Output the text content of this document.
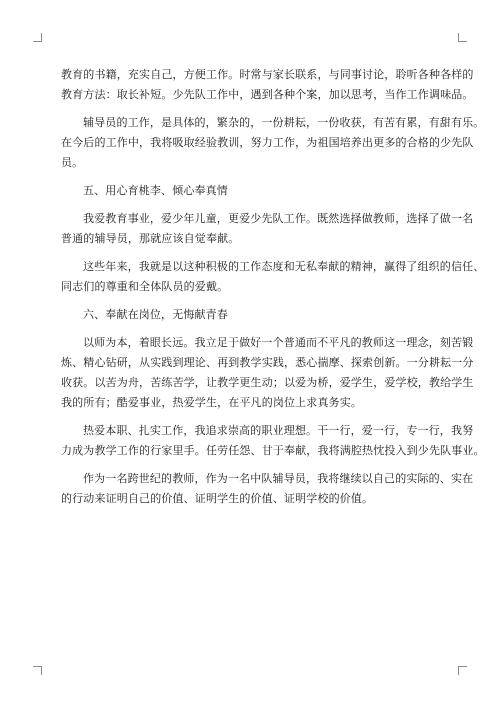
教育的书籍，充实自己，方便工作。时常与家长联系，与同事讨论，聆听各种各样的
教育方法：取长补短。少先队工作中，遇到各种个案，加以思考，当作工作调味品。

辅导员的工作，是具体的，繁杂的，一份耕耘，一份收获，有苦有累，有甜有乐。
在今后的工作中，我将吸取经验教训，努力工作，为祖国培养出更多的合格的少先队
员。

五、用心育桃李、倾心奉真情

我爱教育事业，爱少年儿童，更爱少先队工作。既然选择做教师，选择了做一名
普通的辅导员，那就应该自觉奉献。

这些年来，我就是以这种积极的工作态度和无私奉献的精神，赢得了组织的信任、
同志们的尊重和全体队员的爱戴。

六、奉献在岗位，无悔献青春

以师为本，着眼长远。我立足于做好一个普通而不平凡的教师这一理念，刻苦锻
炼、精心钻研，从实践到理论、再到教学实践，悉心揣摩、探索创新。一分耕耘一分
收获。以苦为舟，苦练苦学，让教学更生动；以爱为桥，爱学生，爱学校，教给学生
我的所有；酷爱事业，热爱学生，在平凡的岗位上求真务实。

热爱本职、扎实工作，我追求崇高的职业理想。干一行，爱一行，专一行，我努
力成为教学工作的行家里手。任劳任怨、甘于奉献，我将满腔热忱投入到少先队事业。

作为一名跨世纪的教师，作为一名中队辅导员，我将继续以自己的实际的、实在
的行动来证明自己的价值、证明学生的价值、证明学校的价值。
